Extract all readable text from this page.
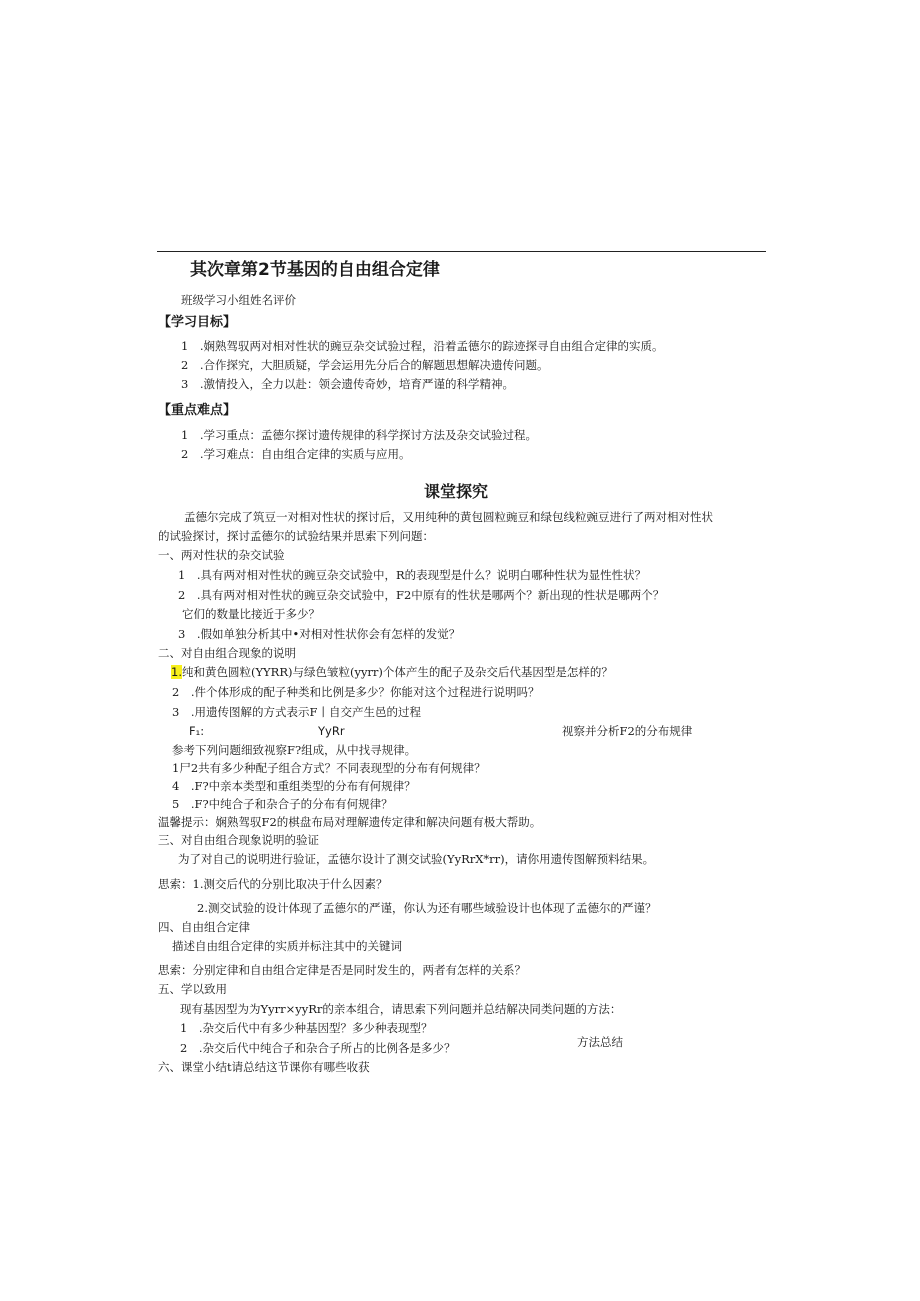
其次章第2节基因的自由组合定律
班级学习小组姓名评价
【学习目标】
1　.娴熟驾驭两对相对性状的豌豆杂交试验过程，沿着孟德尔的踪迹探寻自由组合定律的实质。
2　.合作探究，大胆质疑，学会运用先分后合的解题思想解决遗传问题。
3　.激情投入，全力以赴：领会遗传奇妙，培育严谨的科学精神。
【重点难点】
1　.学习重点：孟德尔探讨遗传规律的科学探讨方法及杂交试验过程。
2　.学习难点：自由组合定律的实质与应用。
课堂探究
孟德尔完成了筑豆一对相对性状的探讨后，又用纯种的黄包圆粒豌豆和绿包线粒豌豆进行了两对相对性状
的试验探讨，探讨孟德尔的试验结果并思索下列问题：
一、两对性状的杂交试验
1　.具有两对相对性状的豌豆杂交试验中，R的表现型是什么？说明白哪种性状为显性性状？
2　.具有两对相对性状的豌豆杂交试验中，F2中原有的性状是哪两个？新出现的性状是哪两个？
它们的数量比接近于多少？
3　.假如单独分析其中•对相对性状你会有怎样的发觉？
二、对自由组合现象的说明
1.纯和黄色圆粒(YYRR)与绿色皱粒(yyrr)个体产生的配子及杂交后代基因型是怎样的？
2　.件个体形成的配子种类和比例是多少？你能对这个过程进行说明吗？
3　.用遗传图解的方式表示F丨自交产生邑的过程
F₁:	YyRr	视察并分析F2的分布规律
参考下列问题细致视察F?组成，从中找寻规律。
1尸2共有多少种配子组合方式？不同表现型的分布有何规律？
4　.F?中亲本类型和重组类型的分布有何规律？
5　.F?中纯合子和杂合子的分布有何规律？
温馨提示：娴熟驾驭F2的棋盘布局对理解遗传定律和解决问题有极大帮助。
三、对自由组合现象说明的验证
为了对自己的说明进行验证，孟德尔设计了测交试验(YyRrX*rr)，请你用遗传图解预料结果。
思索：1.测交后代的分别比取决于什么因素？
2.测交试验的设计体现了孟德尔的严谨，你认为还有哪些域验设计也体现了孟德尔的严谨？
四、自由组合定律
描述自由组合定律的实质并标注其中的关键词
思索：分别定律和自由组合定律是否是同时发生的，两者有怎样的关系？
五、学以致用
现有基因型为为Yyrr×yyRr的亲本组合，请思索下列问题并总结解决同类问题的方法：
1　.杂交后代中有多少种基因型？多少种表现型？
2　.杂交后代中纯合子和杂合子所占的比例各是多少？	方法总结
六、课堂小结t请总结这节课你有哪些收获
